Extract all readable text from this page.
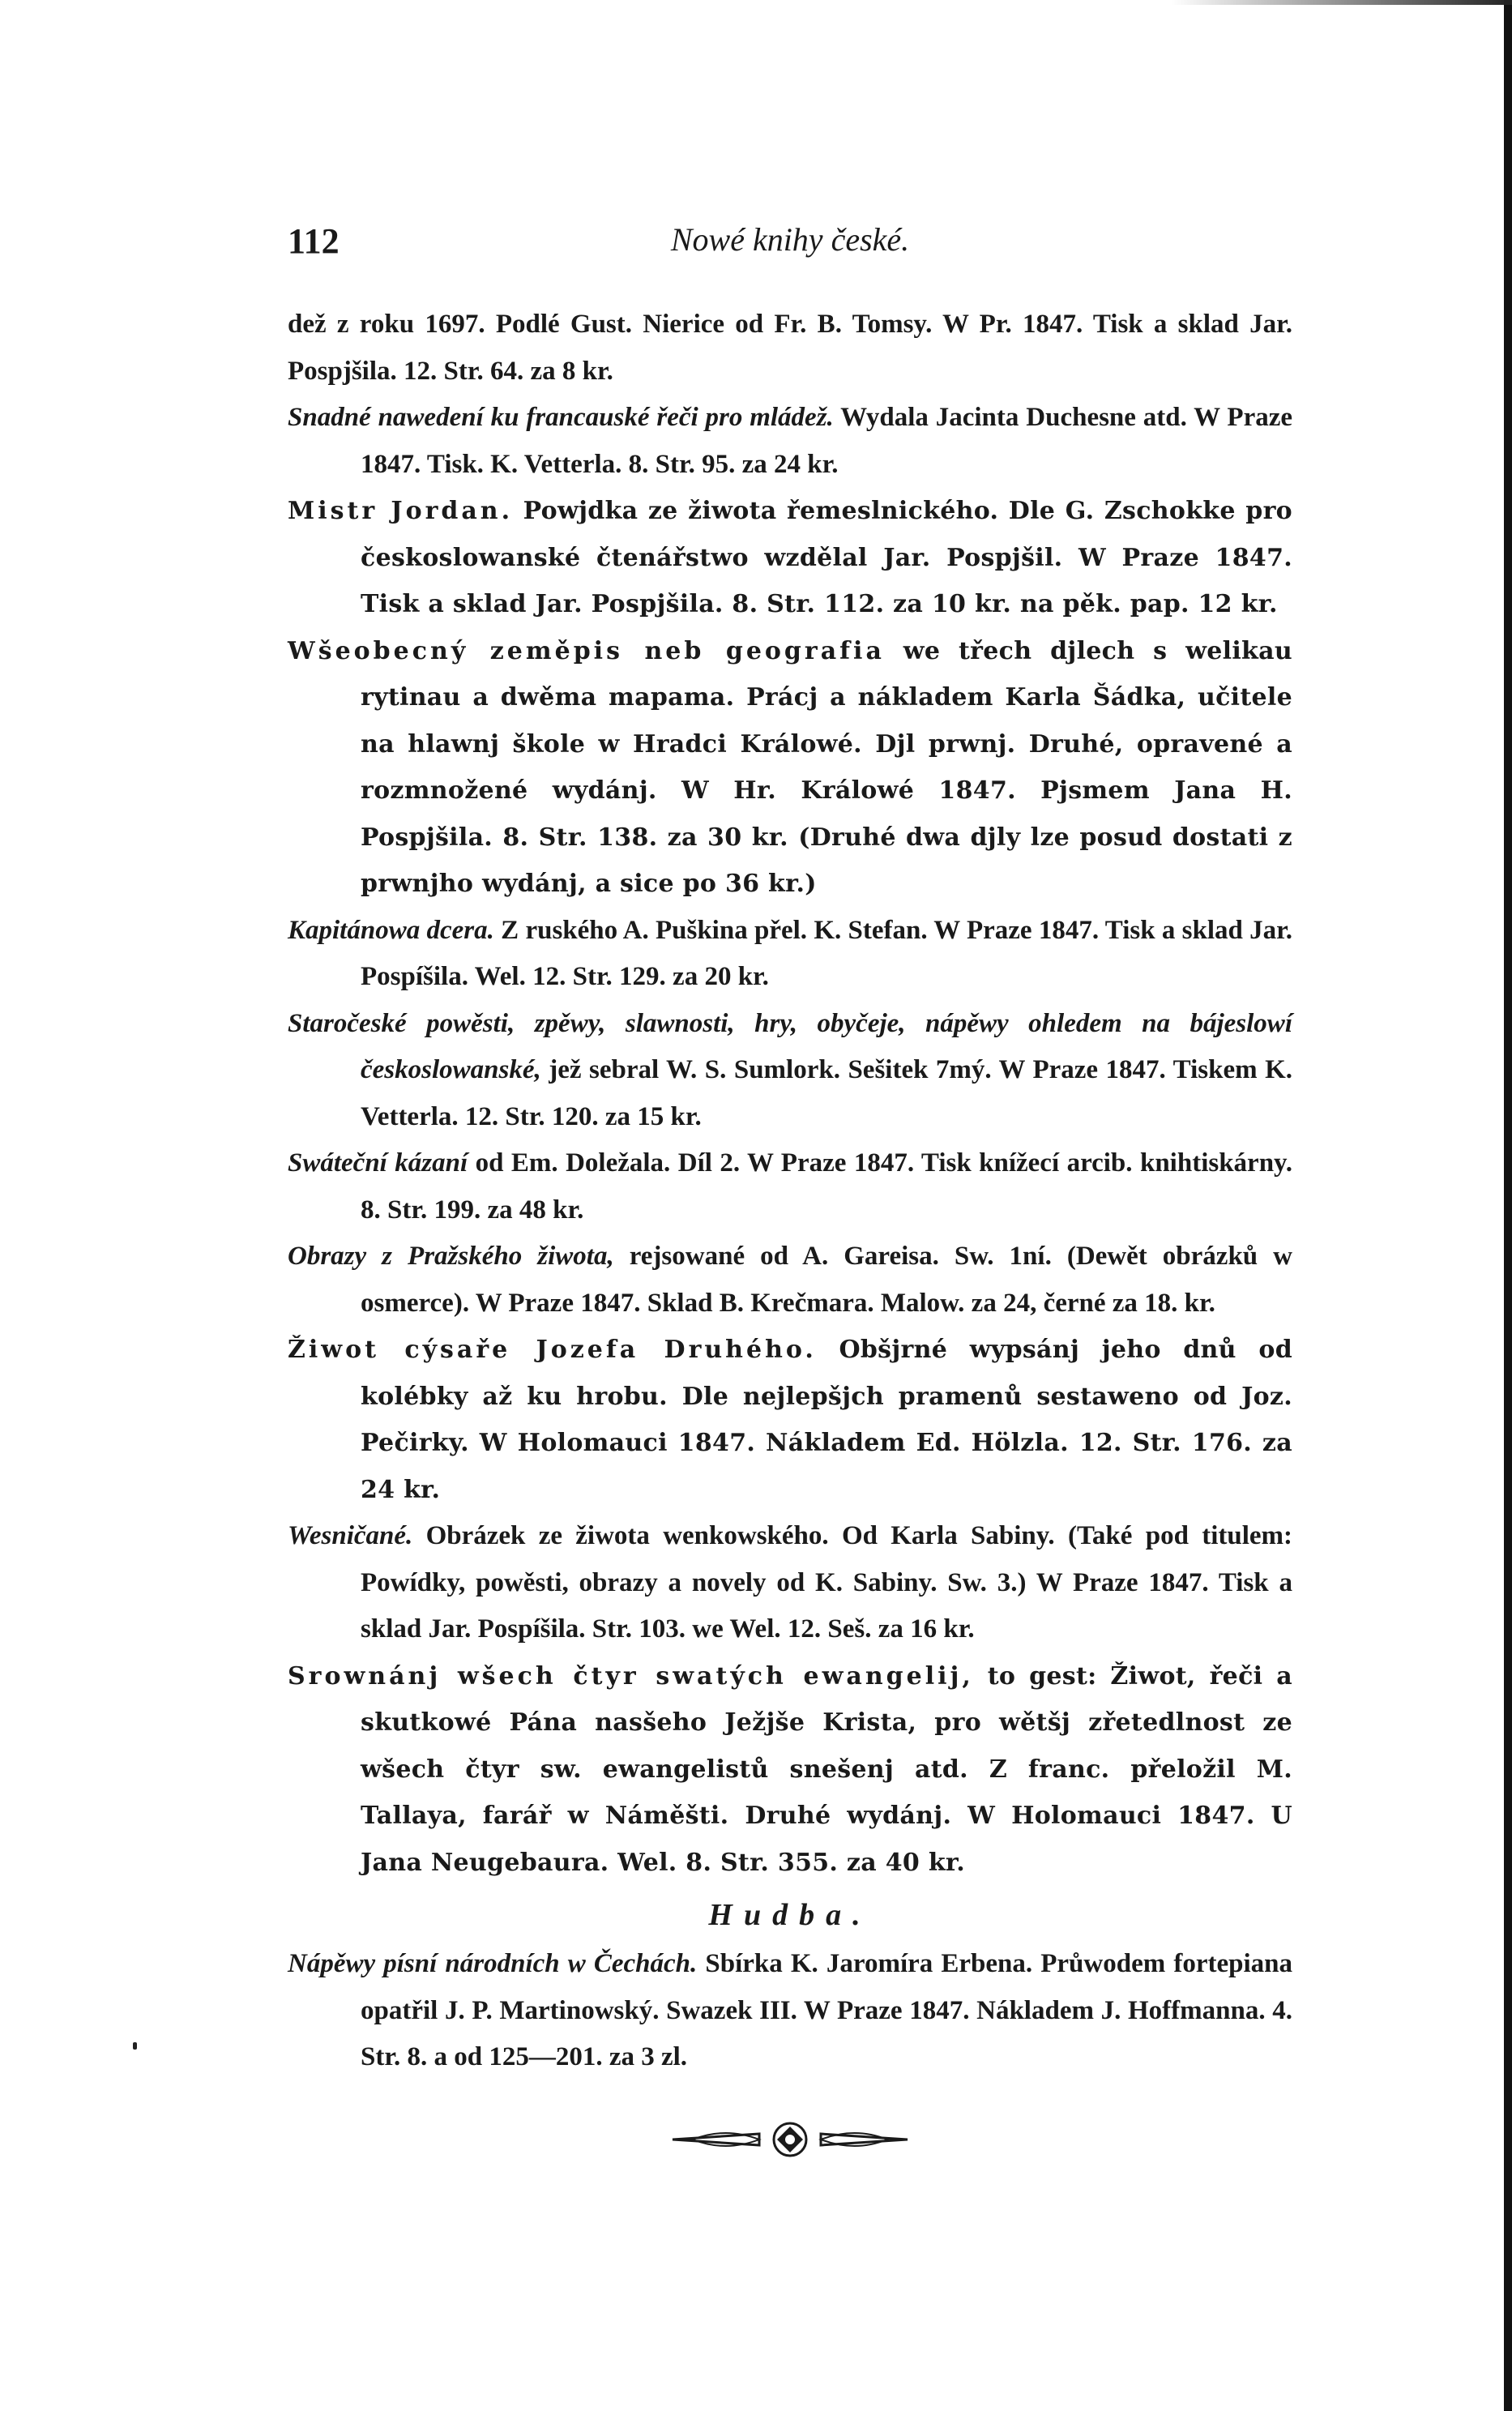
112	Nowé knihy české.

dež z roku 1697. Podlé Gust. Nierice od Fr. B. Tomsy. W Pr. 1847. Tisk a sklad Jar. Pospjšila. 12. Str. 64. za 8 kr.

Snadné nawedení ku francauské řeči pro mládež. Wydala Jacinta Duchesne atd. W Praze 1847. Tisk. K. Vetterla. 8. Str. 95. za 24 kr.

Mistr Jordan. Powjdka ze žiwota řemeslnického. Dle G. Zschokke pro českoslowanské čtenářstwo wzdělal Jar. Pospjšil. W Praze 1847. Tisk a sklad Jar. Pospjšila. 8. Str. 112. za 10 kr. na pěk. pap. 12 kr.

Wšeobecný zeměpis neb geografia we třech djlech s welikau rytinau a dwěma mapama. Prácj a nákladem Karla Šádka, učitele na hlawnj škole w Hradci Králowé. Djl prwnj. Druhé, opravené a rozmnožené wydánj. W Hr. Králowé 1847. Pjsmem Jana H. Pospjšila. 8. Str. 138. za 30 kr. (Druhé dwa djly lze posud dostati z prwnjho wydánj, a sice po 36 kr.)

Kapitánowa dcera. Z ruského A. Puškina přel. K. Stefan. W Praze 1847. Tisk a sklad Jar. Pospíšila. Wel. 12. Str. 129. za 20 kr.

Staročeské powěsti, zpěwy, slawnosti, hry, obyčeje, nápěwy ohledem na bájeslowí českoslowanské, jež sebral W. S. Sumlork. Sešitek 7mý. W Praze 1847. Tiskem K. Vetterla. 12. Str. 120. za 15 kr.

Swáteční kázaní od Em. Doležala. Díl 2. W Praze 1847. Tisk knížecí arcib. knihtiskárny. 8. Str. 199. za 48 kr.

Obrazy z Pražského žiwota, rejsowané od A. Gareisa. Sw. 1ní. (Dewět obrázků w osmerce). W Praze 1847. Sklad B. Krečmara. Malow. za 24, černé za 18. kr.

Žiwot cýsaře Jozefa Druhého. Obšjrné wypsánj jeho dnů od kolébky až ku hrobu. Dle nejlepšjch pramenů sestaweno od Joz. Pečirky. W Holomauci 1847. Nákladem Ed. Hölzla. 12. Str. 176. za 24 kr.

Wesničané. Obrázek ze žiwota wenkowského. Od Karla Sabiny. (Také pod titulem: Powídky, powěsti, obrazy a novely od K. Sabiny. Sw. 3.) W Praze 1847. Tisk a sklad Jar. Pospíšila. Str. 103. we Wel. 12. Seš. za 16 kr.

Srownánj wšech čtyr swatých ewangelij, to gest: Žiwot, řeči a skutkowé Pána nasšeho Ježjše Krista, pro wětšj zřetedlnost ze wšech čtyr sw. ewangelistů snešenj atd. Z franc. přeložil M. Tallaya, farář w Náměšti. Druhé wydánj. W Holomauci 1847. U Jana Neugebaura. Wel. 8. Str. 355. za 40 kr.

Hudba.

Nápěwy písní národních w Čechách. Sbírka K. Jaromíra Erbena. Průwodem fortepiana opatřil J. P. Martinowský. Swazek III. W Praze 1847. Nákladem J. Hoffmanna. 4. Str. 8. a od 125—201. za 3 zl.
